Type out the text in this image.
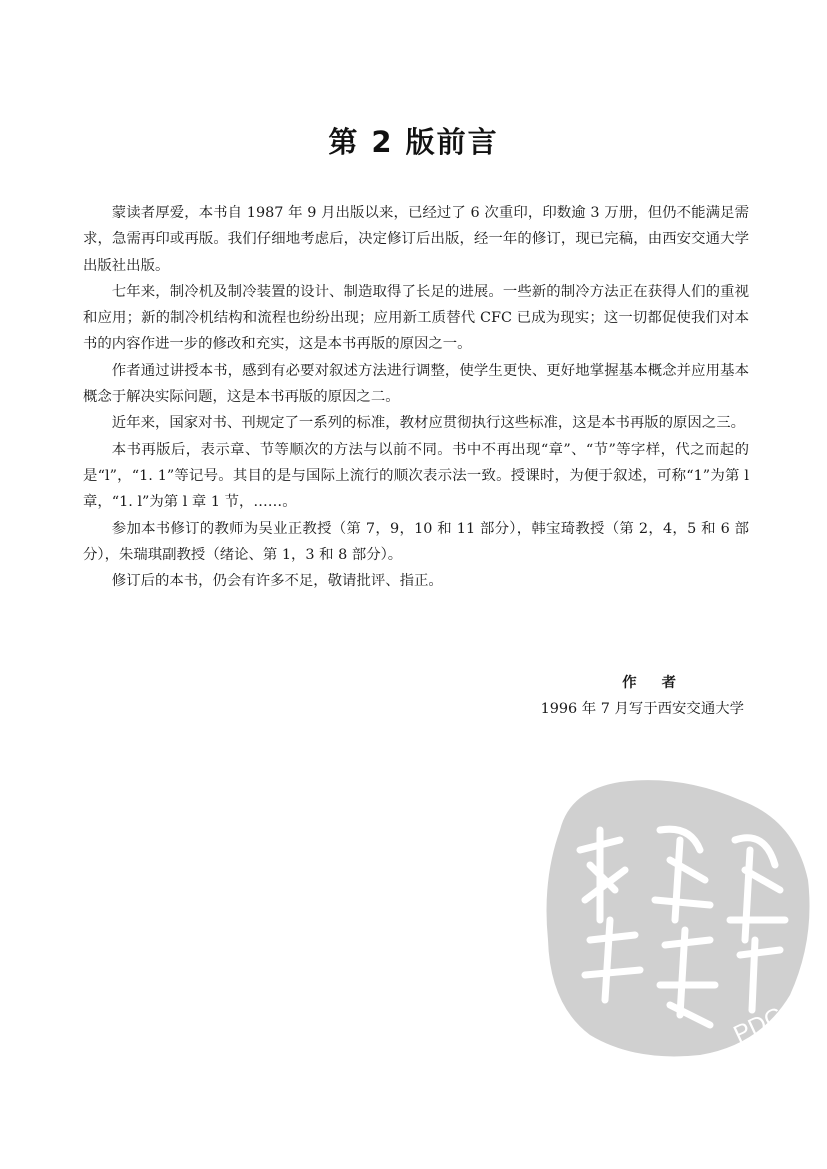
第 2 版前言

蒙读者厚爱，本书自 1987 年 9 月出版以来，已经过了 6 次重印，印数逾 3 万册，但仍不能满足需求，急需再印或再版。我们仔细地考虑后，决定修订后出版，经一年的修订，现已完稿，由西安交通大学出版社出版。

七年来，制冷机及制冷装置的设计、制造取得了长足的进展。一些新的制冷方法正在获得人们的重视和应用；新的制冷机结构和流程也纷纷出现；应用新工质替代 CFC 已成为现实；这一切都促使我们对本书的内容作进一步的修改和充实，这是本书再版的原因之一。

作者通过讲授本书，感到有必要对叙述方法进行调整，使学生更快、更好地掌握基本概念并应用基本概念于解决实际问题，这是本书再版的原因之二。

近年来，国家对书、刊规定了一系列的标准，教材应贯彻执行这些标准，这是本书再版的原因之三。

本书再版后，表示章、节等顺次的方法与以前不同。书中不再出现“章”、“节”等字样，代之而起的是“l”，“1. 1”等记号。其目的是与国际上流行的顺次表示法一致。授课时，为便于叙述，可称“1”为第 l 章，“1. l”为第 l 章 1 节，……。

参加本书修订的教师为吴业正教授（第 7，9，10 和 11 部分），韩宝琦教授（第 2，4，5 和 6 部分），朱瑞琪副教授（绪论、第 1，3 和 8 部分）。

修订后的本书，仍会有许多不足，敬请批评、指正。

作 者
1996 年 7 月写于西安交通大学
PDG
